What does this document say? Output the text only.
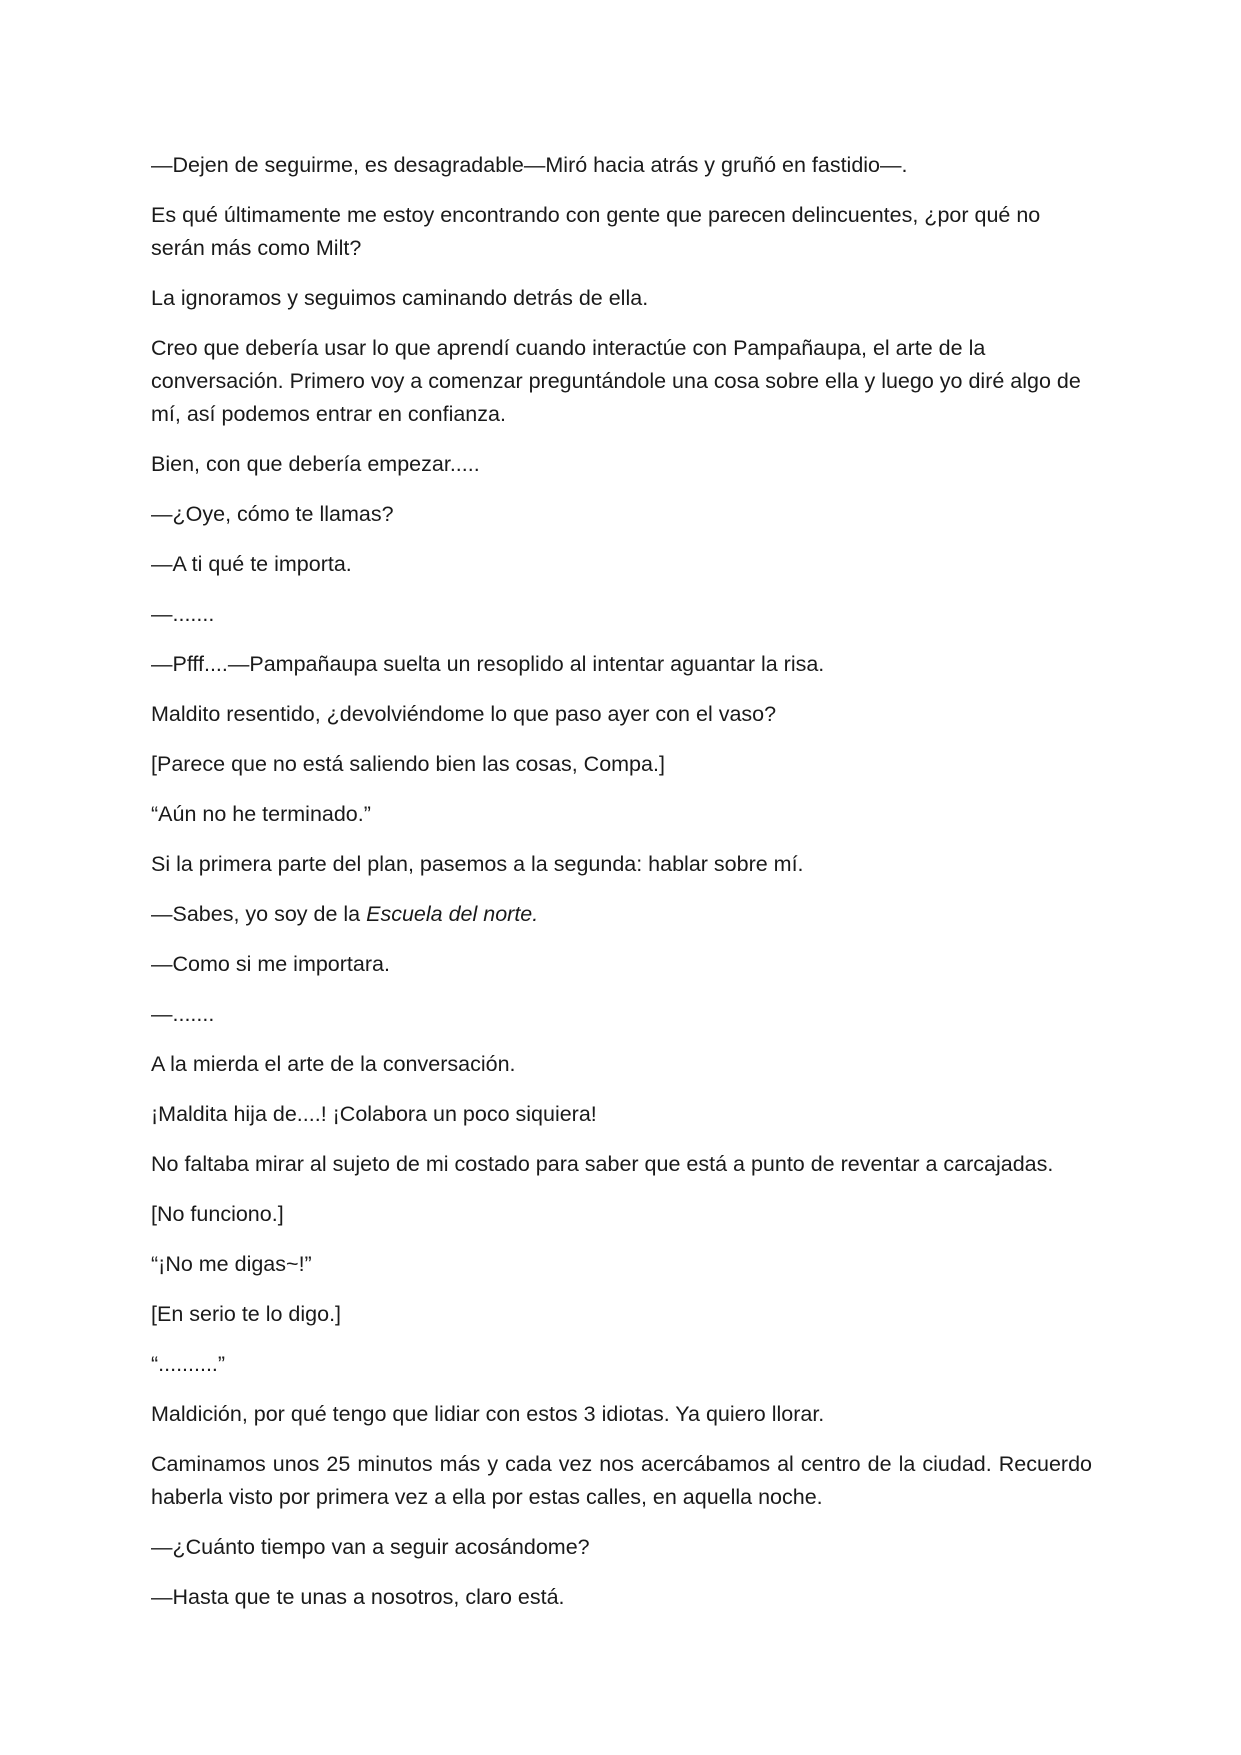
—Dejen de seguirme, es desagradable—Miró hacia atrás y gruñó en fastidio—.

Es qué últimamente me estoy encontrando con gente que parecen delincuentes, ¿por qué no serán más como Milt?

La ignoramos y seguimos caminando detrás de ella.

Creo que debería usar lo que aprendí cuando interactúe con Pampañaupa, el arte de la conversación. Primero voy a comenzar preguntándole una cosa sobre ella y luego yo diré algo de mí, así podemos entrar en confianza.

Bien, con que debería empezar.....

—¿Oye, cómo te llamas?

—A ti qué te importa.

—.......

—Pfff....—Pampañaupa suelta un resoplido al intentar aguantar la risa.

Maldito resentido, ¿devolviéndome lo que paso ayer con el vaso?

[Parece que no está saliendo bien las cosas, Compa.]

“Aún no he terminado.”

Si la primera parte del plan, pasemos a la segunda: hablar sobre mí.

—Sabes, yo soy de la Escuela del norte.

—Como si me importara.

—.......

A la mierda el arte de la conversación.

¡Maldita hija de....! ¡Colabora un poco siquiera!

No faltaba mirar al sujeto de mi costado para saber que está a punto de reventar a carcajadas.

[No funciono.]

“¡No me digas~!”

[En serio te lo digo.]

“..........”

Maldición, por qué tengo que lidiar con estos 3 idiotas. Ya quiero llorar.

Caminamos unos 25 minutos más y cada vez nos acercábamos al centro de la ciudad. Recuerdo haberla visto por primera vez a ella por estas calles, en aquella noche.

—¿Cuánto tiempo van a seguir acosándome?

—Hasta que te unas a nosotros, claro está.
